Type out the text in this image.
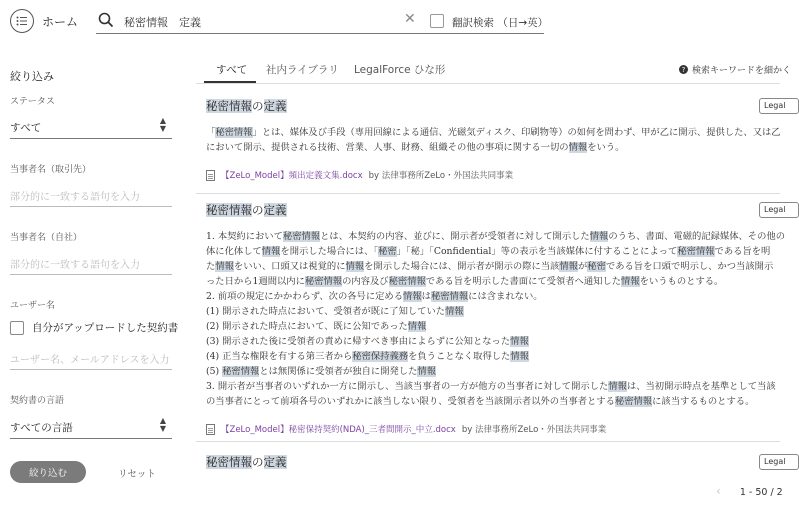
ホーム	秘密情報　定義	✕	翻訳検索 （日→英）
絞り込み
ステータス
すべて
▲
▼
当事者名（取引先）
部分的に一致する語句を入力
当事者名（自社）
部分的に一致する語句を入力
ユーザー名
自分がアップロードした契約書
ユーザー名、メールアドレスを入力
契約書の言語
すべての言語
▲
▼
絞り込む	リセット
すべて 社内ライブラリ LegalForce ひな形	? 検索キーワードを細かく
秘密情報の定義	Legal
「秘密情報」とは、媒体及び手段（専用回線による通信、光磁気ディスク、印刷物等）の如何を問わず、甲が乙に開示、提供した、又は乙
において開示、提供される技術、営業、人事、財務、組織その他の事項に関する一切の情報をいう。
【ZeLo_Model】頻出定義文集.docx by 法律事務所ZeLo・外国法共同事業
秘密情報の定義	Legal
1. 本契約において秘密情報とは、本契約の内容、並びに、開示者が受領者に対して開示した情報のうち、書面、電磁的記録媒体、その他の
体に化体して情報を開示した場合には、「秘密」「秘」「Confidential」等の表示を当該媒体に付することによって秘密情報である旨を明
た情報をいい、口頭又は視覚的に情報を開示した場合には、開示者が開示の際に当該情報が秘密である旨を口頭で明示し、かつ当該開示
った日から1週間以内に秘密情報の内容及び秘密情報である旨を明示した書面にて受領者へ通知した情報をいうものとする。
2. 前項の規定にかかわらず、次の各号に定める情報は秘密情報には含まれない。
(1) 開示された時点において、受領者が既に了知していた情報
(2) 開示された時点において、既に公知であった情報
(3) 開示された後に受領者の責めに帰すべき事由によらずに公知となった情報
(4) 正当な権限を有する第三者から秘密保持義務を負うことなく取得した情報
(5) 秘密情報とは無関係に受領者が独自に開発した情報
3. 開示者が当事者のいずれか一方に開示し、当該当事者の一方が他方の当事者に対して開示した情報は、当初開示時点を基準として当該
の当事者にとって前項各号のいずれかに該当しない限り、受領者を当該開示者以外の当事者とする秘密情報に該当するものとする。
【ZeLo_Model】秘密保持契約(NDA)_三者間開示_中立.docx by 法律事務所ZeLo・外国法共同事業
秘密情報の定義	Legal
‹ 1 - 50 / 2
